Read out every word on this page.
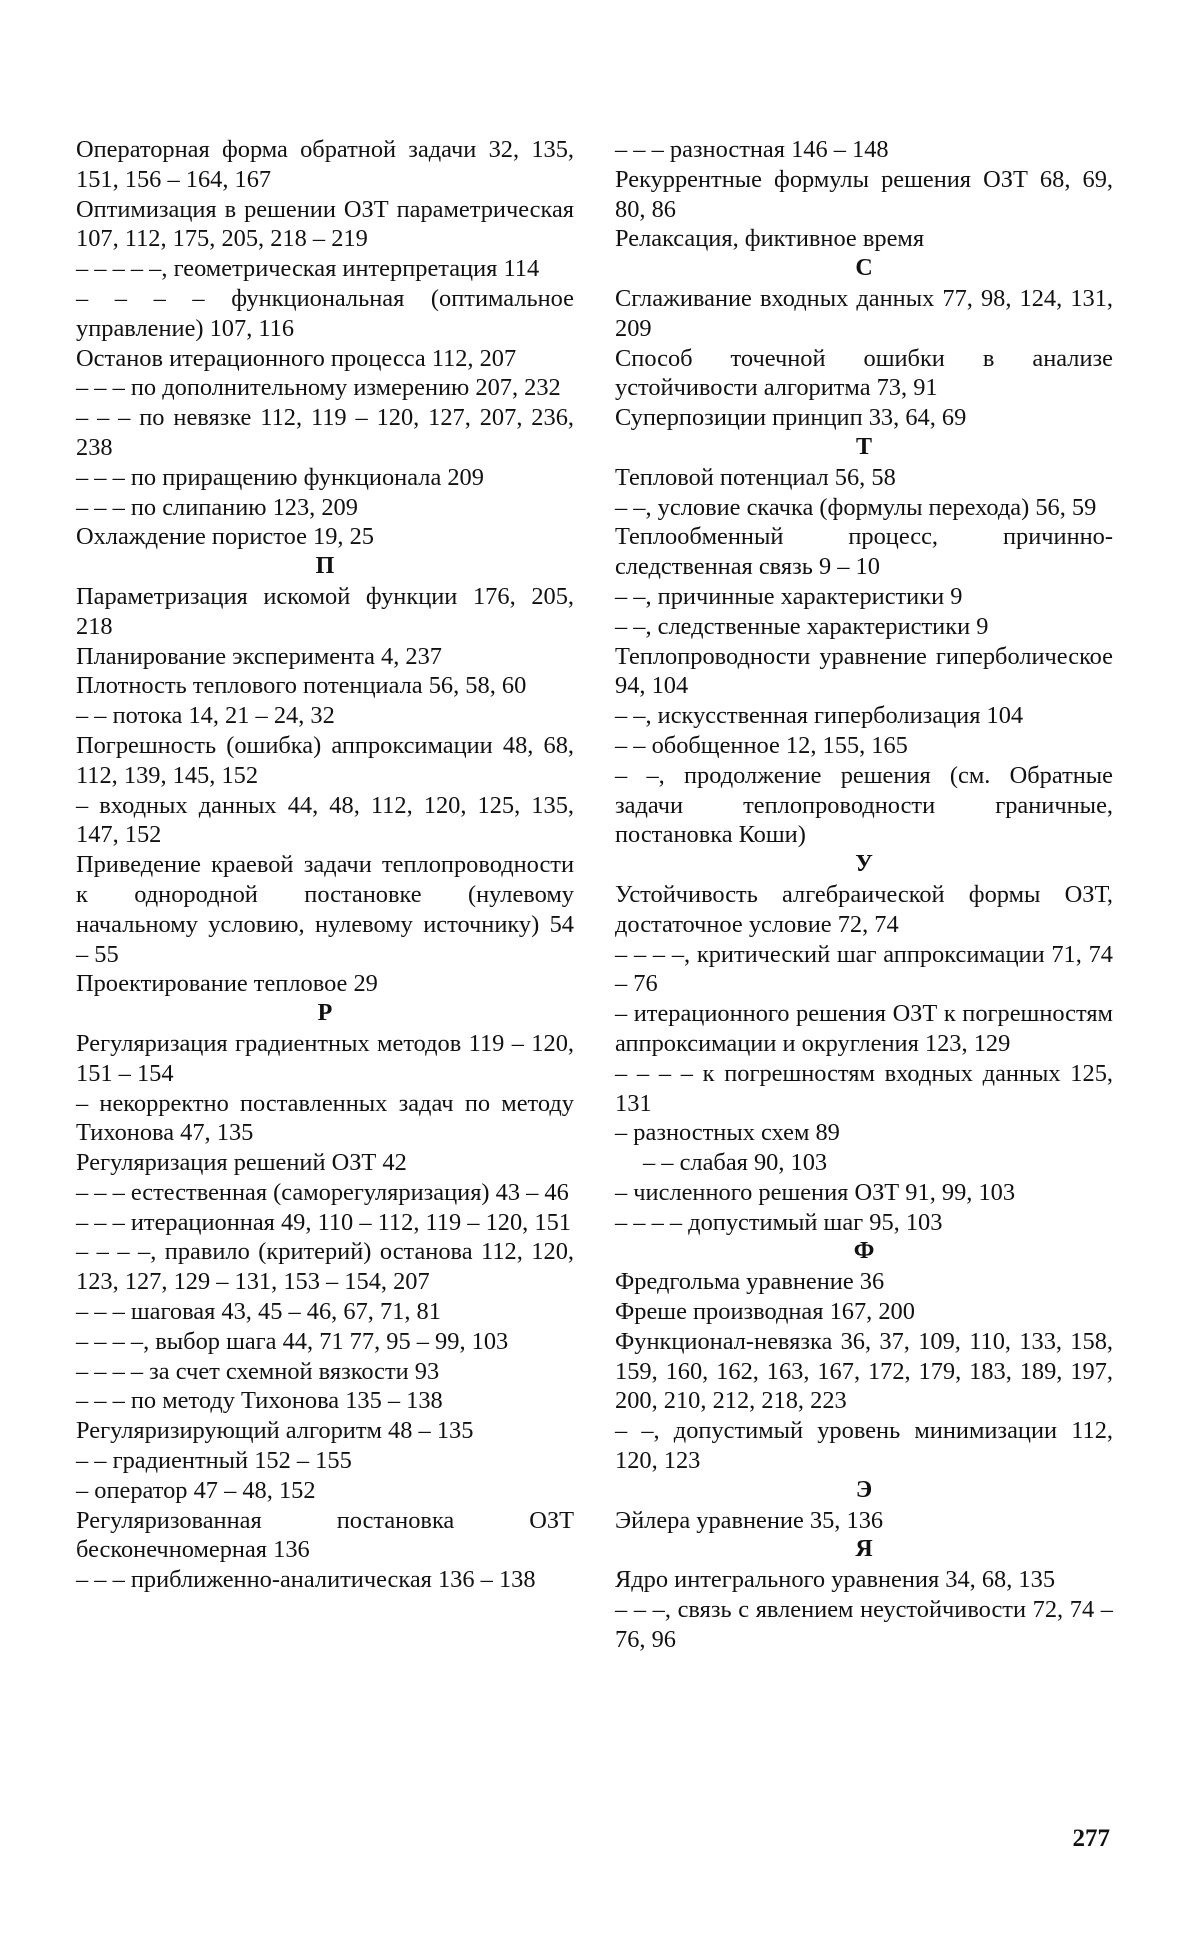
Операторная форма обратной задачи 32, 135, 151, 156 – 164, 167

Оптимизация в решении ОЗТ параметрическая 107, 112, 175, 205, 218 – 219

– – – – –, геометрическая интерпретация 114

– – – – функциональная (оптимальное управление) 107, 116

Останов итерационного процесса 112, 207

– – – по дополнительному измерению 207, 232

– – – по невязке 112, 119 – 120, 127, 207, 236, 238

– – – по приращению функционала 209

– – – по слипанию 123, 209

Охлаждение пористое 19, 25

П

Параметризация искомой функции 176, 205, 218

Планирование эксперимента 4, 237

Плотность теплового потенциала 56, 58, 60

– – потока 14, 21 – 24, 32

Погрешность (ошибка) аппроксимации 48, 68, 112, 139, 145, 152

– входных данных 44, 48, 112, 120, 125, 135, 147, 152

Приведение краевой задачи теплопроводности к однородной постановке (нулевому начальному условию, нулевому источнику) 54 – 55

Проектирование тепловое 29

Р

Регуляризация градиентных методов 119 – 120, 151 – 154

– некорректно поставленных задач по методу Тихонова 47, 135

Регуляризация решений ОЗТ 42

– – – естественная (саморегуляризация) 43 – 46

– – – итерационная 49, 110 – 112, 119 – 120, 151

– – – –, правило (критерий) останова 112, 120, 123, 127, 129 – 131, 153 – 154, 207

– – – шаговая 43, 45 – 46, 67, 71, 81

– – – –, выбор шага 44, 71 77, 95 – 99, 103

– – – – за счет схемной вязкости 93

– – – по методу Тихонова 135 – 138

Регуляризирующий алгоритм 48 – 135

– – градиентный 152 – 155

– оператор 47 – 48, 152

Регуляризованная постановка ОЗТ бесконечномерная 136

– – – приближенно-аналитическая 136 – 138

– – – разностная 146 – 148

Рекуррентные формулы решения ОЗТ 68, 69, 80, 86

Релаксация, фиктивное время

С

Сглаживание входных данных 77, 98, 124, 131, 209

Способ точечной ошибки в анализе устойчивости алгоритма 73, 91

Суперпозиции принцип 33, 64, 69

Т

Тепловой потенциал 56, 58

– –, условие скачка (формулы перехода) 56, 59

Теплообменный процесс, причинно-следственная связь 9 – 10

– –, причинные характеристики 9

– –, следственные характеристики 9

Теплопроводности уравнение гиперболическое 94, 104

– –, искусственная гиперболизация 104

– – обобщенное 12, 155, 165

– –, продолжение решения (см. Обратные задачи теплопроводности граничные, постановка Коши)

У

Устойчивость алгебраической формы ОЗТ, достаточное условие 72, 74

– – – –, критический шаг аппроксимации 71, 74 – 76

– итерационного решения ОЗТ к погрешностям аппроксимации и округления 123, 129

– – – – к погрешностям входных данных 125, 131

– разностных схем 89

– – слабая 90, 103

– численного решения ОЗТ 91, 99, 103

– – – – допустимый шаг 95, 103

Ф

Фредгольма уравнение 36

Фреше производная 167, 200

Функционал-невязка 36, 37, 109, 110, 133, 158, 159, 160, 162, 163, 167, 172, 179, 183, 189, 197, 200, 210, 212, 218, 223

– –, допустимый уровень минимизации 112, 120, 123

Э

Эйлера уравнение 35, 136

Я

Ядро интегрального уравнения 34, 68, 135

– – –, связь с явлением неустойчивости 72, 74 – 76, 96

277
